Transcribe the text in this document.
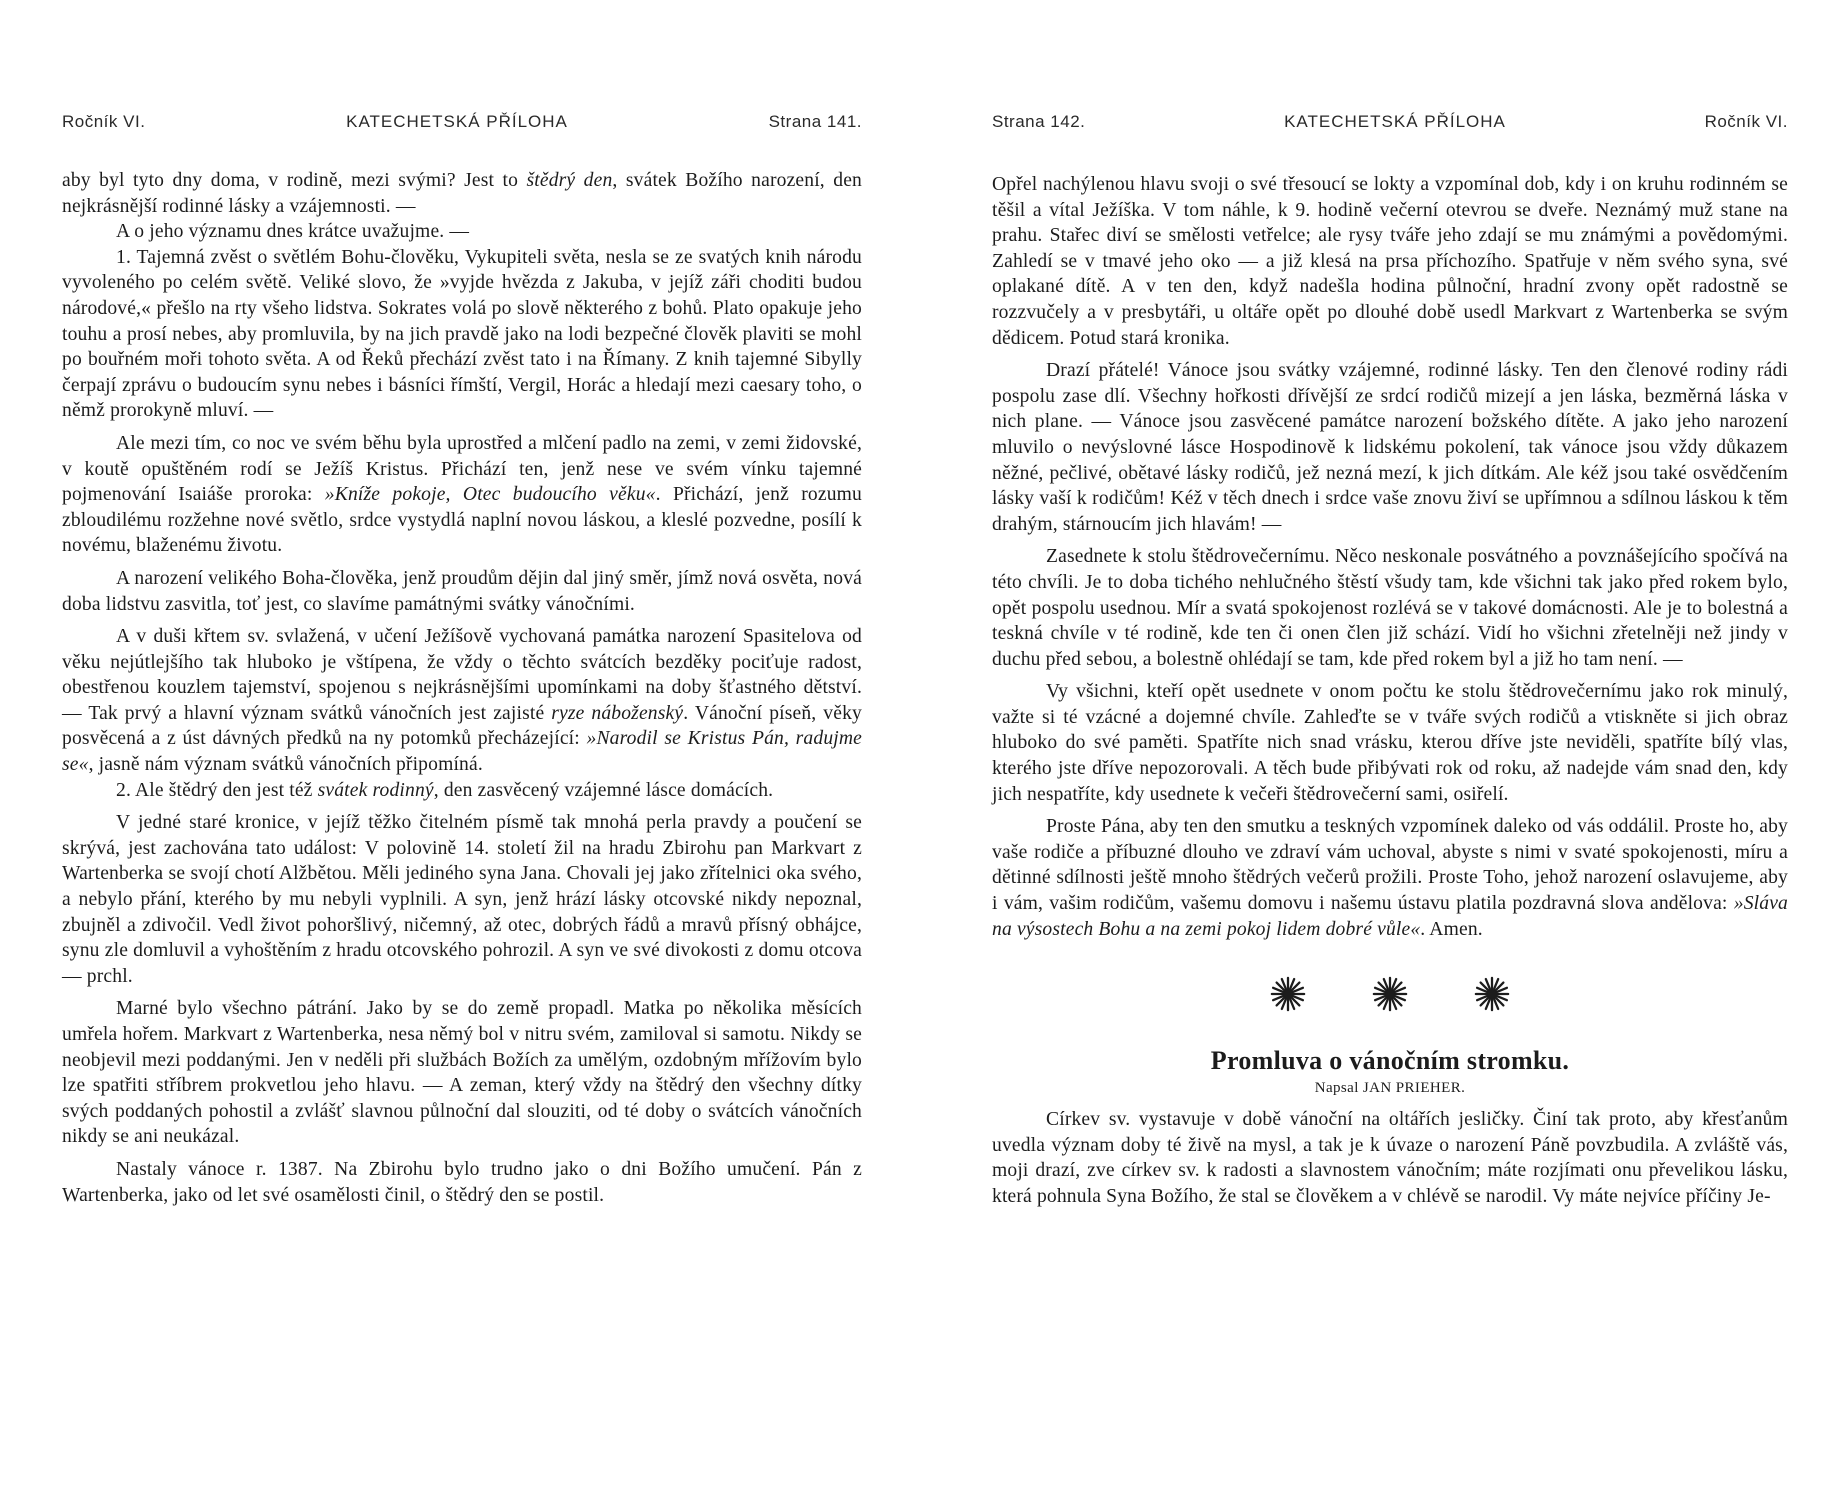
Ročník VI.	KATECHETSKÁ PŘÍLOHA	Strana 141.

aby byl tyto dny doma, v rodině, mezi svými? Jest to štědrý den, svátek Božího narození, den nejkrásnější rodinné lásky a vzájemnosti. —

A o jeho významu dnes krátce uvažujme. —

1. Tajemná zvěst o světlém Bohu-člověku, Vykupiteli světa, nesla se ze svatých knih národu vyvoleného po celém světě. Veliké slovo, že »vyjde hvězda z Jakuba, v jejíž záři choditi budou národové,« přešlo na rty všeho lidstva. Sokrates volá po slově některého z bohů. Plato opakuje jeho touhu a prosí nebes, aby promluvila, by na jich pravdě jako na lodi bezpečné člověk plaviti se mohl po bouřném moři tohoto světa. A od Řeků přechází zvěst tato i na Římany. Z knih tajemné Sibylly čerpají zprávu o budoucím synu nebes i básníci římští, Vergil, Horác a hledají mezi caesary toho, o němž prorokyně mluví. —

Ale mezi tím, co noc ve svém běhu byla uprostřed a mlčení padlo na zemi, v zemi židovské, v koutě opuštěném rodí se Ježíš Kristus. Přichází ten, jenž nese ve svém vínku tajemné pojmenování Isaiáše proroka: »Kníže pokoje, Otec budoucího věku«. Přichází, jenž rozumu zbloudilému rozžehne nové světlo, srdce vystydlá naplní novou láskou, a kleslé pozvedne, posílí k novému, blaženému životu.

A narození velikého Boha-člověka, jenž proudům dějin dal jiný směr, jímž nová osvěta, nová doba lidstvu zasvitla, toť jest, co slavíme památnými svátky vánočními.

A v duši křtem sv. svlažená, v učení Ježíšově vychovaná památka narození Spasitelova od věku nejútlejšího tak hluboko je vštípena, že vždy o těchto svátcích bezděky pociťuje radost, obestřenou kouzlem tajemství, spojenou s nejkrásnějšími upomínkami na doby šťastného dětství. — Tak prvý a hlavní význam svátků vánočních jest zajisté ryze náboženský. Vánoční píseň, věky posvěcená a z úst dávných předků na ny potomků přecházející: »Narodil se Kristus Pán, radujme se«, jasně nám význam svátků vánočních připomíná.

2. Ale štědrý den jest též svátek rodinný, den zasvěcený vzájemné lásce domácích.

V jedné staré kronice, v jejíž těžko čitelném písmě tak mnohá perla pravdy a poučení se skrývá, jest zachována tato událost: V polovině 14. století žil na hradu Zbirohu pan Markvart z Wartenberka se svojí chotí Alžbětou. Měli jediného syna Jana. Chovali jej jako zřítelnici oka svého, a nebylo přání, kterého by mu nebyli vyplnili. A syn, jenž hrází lásky otcovské nikdy nepoznal, zbujněl a zdivočil. Vedl život pohoršlivý, ničemný, až otec, dobrých řádů a mravů přísný obhájce, synu zle domluvil a vyhoštěním z hradu otcovského pohrozil. A syn ve své divokosti z domu otcova — prchl.

Marné bylo všechno pátrání. Jako by se do země propadl. Matka po několika měsících umřela hořem. Markvart z Wartenberka, nesa němý bol v nitru svém, zamiloval si samotu. Nikdy se neobjevil mezi poddanými. Jen v neděli při službách Božích za umělým, ozdobným mřížovím bylo lze spatřiti stříbrem prokvetlou jeho hlavu. — A zeman, který vždy na štědrý den všechny dítky svých poddaných pohostil a zvlášť slavnou půlnoční dal slouziti, od té doby o svátcích vánočních nikdy se ani neukázal.

Nastaly vánoce r. 1387. Na Zbirohu bylo trudno jako o dni Božího umučení. Pán z Wartenberka, jako od let své osamělosti činil, o štědrý den se postil.

Strana 142.	KATECHETSKÁ PŘÍLOHA	Ročník VI.

Opřel nachýlenou hlavu svoji o své třesoucí se lokty a vzpomínal dob, kdy i on kruhu rodinném se těšil a vítal Ježíška. V tom náhle, k 9. hodině večerní otevrou se dveře. Neznámý muž stane na prahu. Stařec diví se smělosti vetřelce; ale rysy tváře jeho zdají se mu známými a povědomými. Zahledí se v tmavé jeho oko — a již klesá na prsa příchozího. Spatřuje v něm svého syna, své oplakané dítě. A v ten den, když nadešla hodina půlnoční, hradní zvony opět radostně se rozzvučely a v presbytáři, u oltáře opět po dlouhé době usedl Markvart z Wartenberka se svým dědicem. Potud stará kronika.

Drazí přátelé! Vánoce jsou svátky vzájemné, rodinné lásky. Ten den členové rodiny rádi pospolu zase dlí. Všechny hořkosti dřívější ze srdcí rodičů mizejí a jen láska, bezměrná láska v nich plane. — Vánoce jsou zasvěcené památce narození božského dítěte. A jako jeho narození mluvilo o nevýslovné lásce Hospodinově k lidskému pokolení, tak vánoce jsou vždy důkazem něžné, pečlivé, obětavé lásky rodičů, jež nezná mezí, k jich dítkám. Ale kéž jsou také osvědčením lásky vaší k rodičům! Kéž v těch dnech i srdce vaše znovu živí se upřímnou a sdílnou láskou k těm drahým, stárnoucím jich hlavám! —

Zasednete k stolu štědrovečernímu. Něco neskonale posvátného a povznášejícího spočívá na této chvíli. Je to doba tichého nehlučného štěstí všudy tam, kde všichni tak jako před rokem bylo, opět pospolu usednou. Mír a svatá spokojenost rozlévá se v takové domácnosti. Ale je to bolestná a teskná chvíle v té rodině, kde ten či onen člen již schází. Vidí ho všichni zřetelněji než jindy v duchu před sebou, a bolestně ohlédají se tam, kde před rokem byl a již ho tam není. —

Vy všichni, kteří opět usednete v onom počtu ke stolu štědrovečernímu jako rok minulý, važte si té vzácné a dojemné chvíle. Zahleďte se v tváře svých rodičů a vtiskněte si jich obraz hluboko do své paměti. Spatříte nich snad vrásku, kterou dříve jste neviděli, spatříte bílý vlas, kterého jste dříve nepozorovali. A těch bude přibývati rok od roku, až nadejde vám snad den, kdy jich nespatříte, kdy usednete k večeři štědrovečerní sami, osiřelí.

Proste Pána, aby ten den smutku a teskných vzpomínek daleko od vás oddálil. Proste ho, aby vaše rodiče a příbuzné dlouho ve zdraví vám uchoval, abyste s nimi v svaté spokojenosti, míru a dětinné sdílnosti ještě mnoho štědrých večerů prožili. Proste Toho, jehož narození oslavujeme, aby i vám, vašim rodičům, vašemu domovu i našemu ústavu platila pozdravná slova andělova: »Sláva na výsostech Bohu a na zemi pokoj lidem dobré vůle«. Amen.

Promluva o vánočním stromku.
Napsal JAN PRIEHER.

Církev sv. vystavuje v době vánoční na oltářích jesličky. Činí tak proto, aby křesťanům uvedla význam doby té živě na mysl, a tak je k úvaze o narození Páně povzbudila. A zvláště vás, moji drazí, zve církev sv. k radosti a slavnostem vánočním; máte rozjímati onu převelikou lásku, která pohnula Syna Božího, že stal se člověkem a v chlévě se narodil. Vy máte nejvíce příčiny Je-
